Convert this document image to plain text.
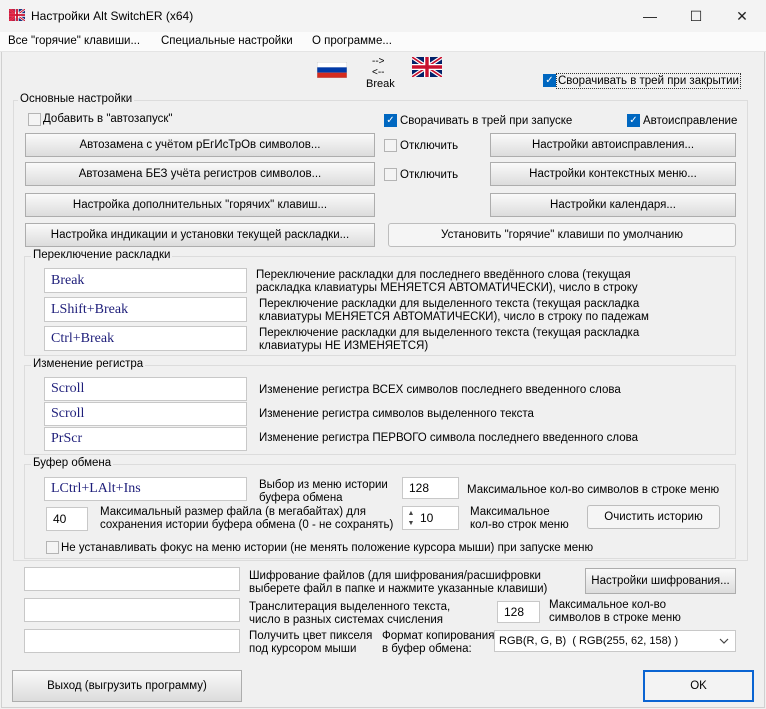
Настройки Alt SwitchER (x64)	—	☐	✕
Все "горячие" клавиши... Специальные настройки О программе...
-->
<--
Break	✓ Сворачивать в трей при закрытии
Основные настройки
Добавить в "автозапуск"	✓ Сворачивать в трей при запуске	✓ Автоисправление
Автозамена с учётом рЕгИсТрОв символов...
Автозамена БЕЗ учёта регистров символов...
Настройка дополнительных "горячих" клавиш...
Настройка индикации и установки текущей раскладки...
Отключить
Отключить
Настройки автоисправления...
Настройки контекстных меню...
Настройки календаря...
Установить "горячие" клавиши по умолчанию
Переключение раскладки
Break	Переключение раскладки для последнего введённого слова (текущая
раскладка клавиатуры МЕНЯЕТСЯ АВТОМАТИЧЕСКИ), число в строку
LShift+Break	Переключение раскладки для выделенного текста (текущая раскладка
клавиатуры МЕНЯЕТСЯ АВТОМАТИЧЕСКИ), число в строку по падежам
Ctrl+Break	Переключение раскладки для выделенного текста (текущая раскладка
клавиатуры НЕ ИЗМЕНЯЕТСЯ)
Изменение регистра
Scroll	Изменение регистра ВСЕХ символов последнего введенного слова
Scroll	Изменение регистра символов выделенного текста
PrScr	Изменение регистра ПЕРВОГО символа последнего введенного слова
Буфер обмена
LCtrl+LAlt+Ins	Выбор из меню истории
буфера обмена
128	Максимальное кол-во символов в строке меню
40	Максимальный размер файла (в мегабайтах) для
сохранения истории буфера обмена (0 - не сохранять)
▲
▼ 10	Максимальное
кол-во строк меню
Очистить историю
Не устанавливать фокус на меню истории (не менять положение курсора мыши) при запуске меню
Шифрование файлов (для шифрования/расшифровки
выберете файл в папке и нажмите указанные клавиши)
Настройки шифрования...
Транслитерация выделенного текста,
число в разных системах счисления
128	Максимальное кол-во
символов в строке меню
Получить цвет пикселя
под курсором мыши
Формат копирования
в буфер обмена:
RGB(R, G, B)  ( RGB(255, 62, 158) )
Выход (выгрузить программу)	OK
